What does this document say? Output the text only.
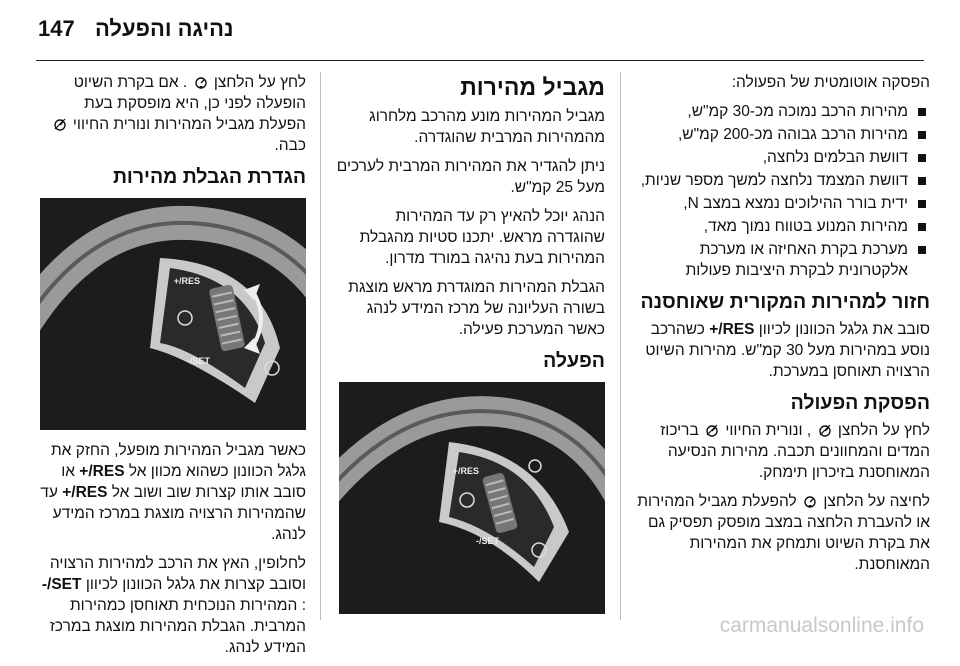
147 נהיגה והפעלה

הפסקה אוטומטית של הפעולה:

מהירות הרכב נמוכה מכ-30 קמ"ש,
מהירות הרכב גבוהה מכ-200 קמ"ש,
דוושת הבלמים נלחצה,
דוושת המצמד נלחצה למשך מספר שניות,
ידית בורר ההילוכים נמצא במצב N,
מהירות המנוע בטווח נמוך מאד,
מערכת בקרת האחיזה או מערכת אלקטרונית לבקרת היציבות פעולות
חזור למהירות המקורית שאוחסנה

סובב את גלגל הכוונון לכיוון RES/+ כשהרכב נוסע במהירות מעל 30 קמ"ש. מהירות השיוט הרצויה תאוחסן במערכת.

הפסקת הפעולה

לחץ על הלחצן  , ונורית החיווי  בריכוז המדים והמחוונים תכבה. מהירות הנסיעה המאוחסנת בזיכרון תימחק.

לחיצה על הלחצן  להפעלת מגביל המהירות או להעברת הלחצה במצב מופסק תפסיק גם את בקרת השיוט ותמחק את המהירות המאוחסנת.

מגביל מהירות

מגביל המהירות מונע מהרכב מלחרוג מהמהירות המרבית שהוגדרה.

ניתן להגדיר את המהירות המרבית לערכים מעל 25 קמ"ש.

הנהג יוכל להאיץ רק עד המהירות שהוגדרה מראש. יתכנו סטיות מהגבלת המהירות בעת נהיגה במורד מדרון.

הגבלת המהירות המוגדרת מראש מוצגת בשורה העליונה של מרכז המידע לנהג כאשר המערכת פעילה.

הפעלה
RES/+
SET/-

לחץ על הלחצן  . אם בקרת השיוט הופעלה לפני כן, היא מופסקת בעת הפעלת מגביל המהירות ונורית החיווי  כבה.

הגדרת הגבלת מהירות
RES/+
SET/-

כאשר מגביל המהירות מופעל, החזק את גלגל הכוונון כשהוא מכוון אל RES/+ או סובב אותו קצרות שוב ושוב אל RES/+ עד שהמהירות הרצויה מוצגת במרכז המידע לנהג.

לחלופין, האץ את הרכב למהירות הרצויה וסובב קצרות את גלגל הכוונון לכיוון SET/- : המהירות הנוכחית תאוחסן כמהירות המרבית. הגבלת המהירות מוצגת במרכז המידע לנהג.

carmanualsonline.info
